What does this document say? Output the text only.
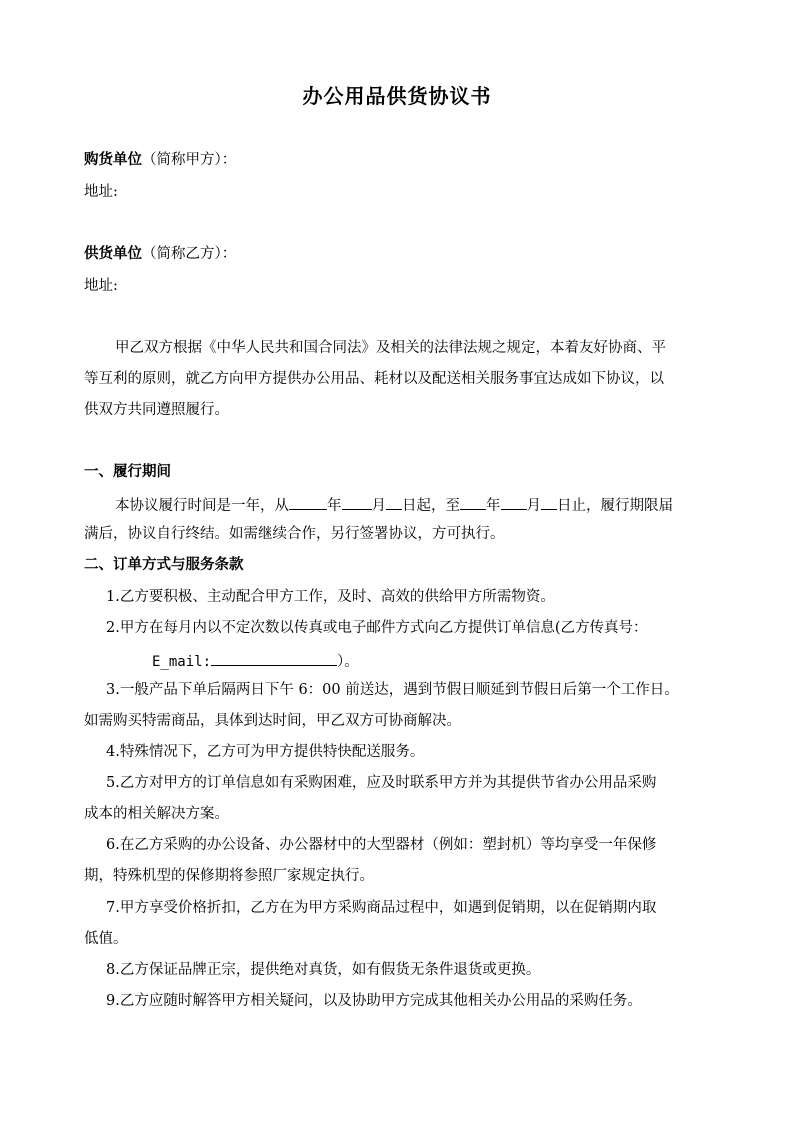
办公用品供货协议书
购货单位（简称甲方）：
地址:
供货单位（简称乙方）：
地址:
甲乙双方根据《中华人民共和国合同法》及相关的法律法规之规定，本着友好协商、平
等互利的原则，就乙方向甲方提供办公用品、耗材以及配送相关服务事宜达成如下协议，以
供双方共同遵照履行。
一、履行期间
本协议履行时间是一年，从	年 月 日起，至 年 月 日止，履行期限届
满后，协议自行终结。如需继续合作，另行签署协议，方可执行。
二、订单方式与服务条款
1.乙方要积极、主动配合甲方工作，及时、高效的供给甲方所需物资。
2.甲方在每月内以不定次数以传真或电子邮件方式向乙方提供订单信息(乙方传真号：
E_mail:	）。
3.一般产品下单后隔两日下午 6：00 前送达，遇到节假日顺延到节假日后第一个工作日。
如需购买特需商品，具体到达时间，甲乙双方可协商解决。
4.特殊情况下，乙方可为甲方提供特快配送服务。
5.乙方对甲方的订单信息如有采购困难，应及时联系甲方并为其提供节省办公用品采购
成本的相关解决方案。
6.在乙方采购的办公设备、办公器材中的大型器材（例如：塑封机）等均享受一年保修
期，特殊机型的保修期将参照厂家规定执行。
7.甲方享受价格折扣，乙方在为甲方采购商品过程中，如遇到促销期，以在促销期内取
低值。
8.乙方保证品牌正宗，提供绝对真货，如有假货无条件退货或更换。
9.乙方应随时解答甲方相关疑问，以及协助甲方完成其他相关办公用品的采购任务。
